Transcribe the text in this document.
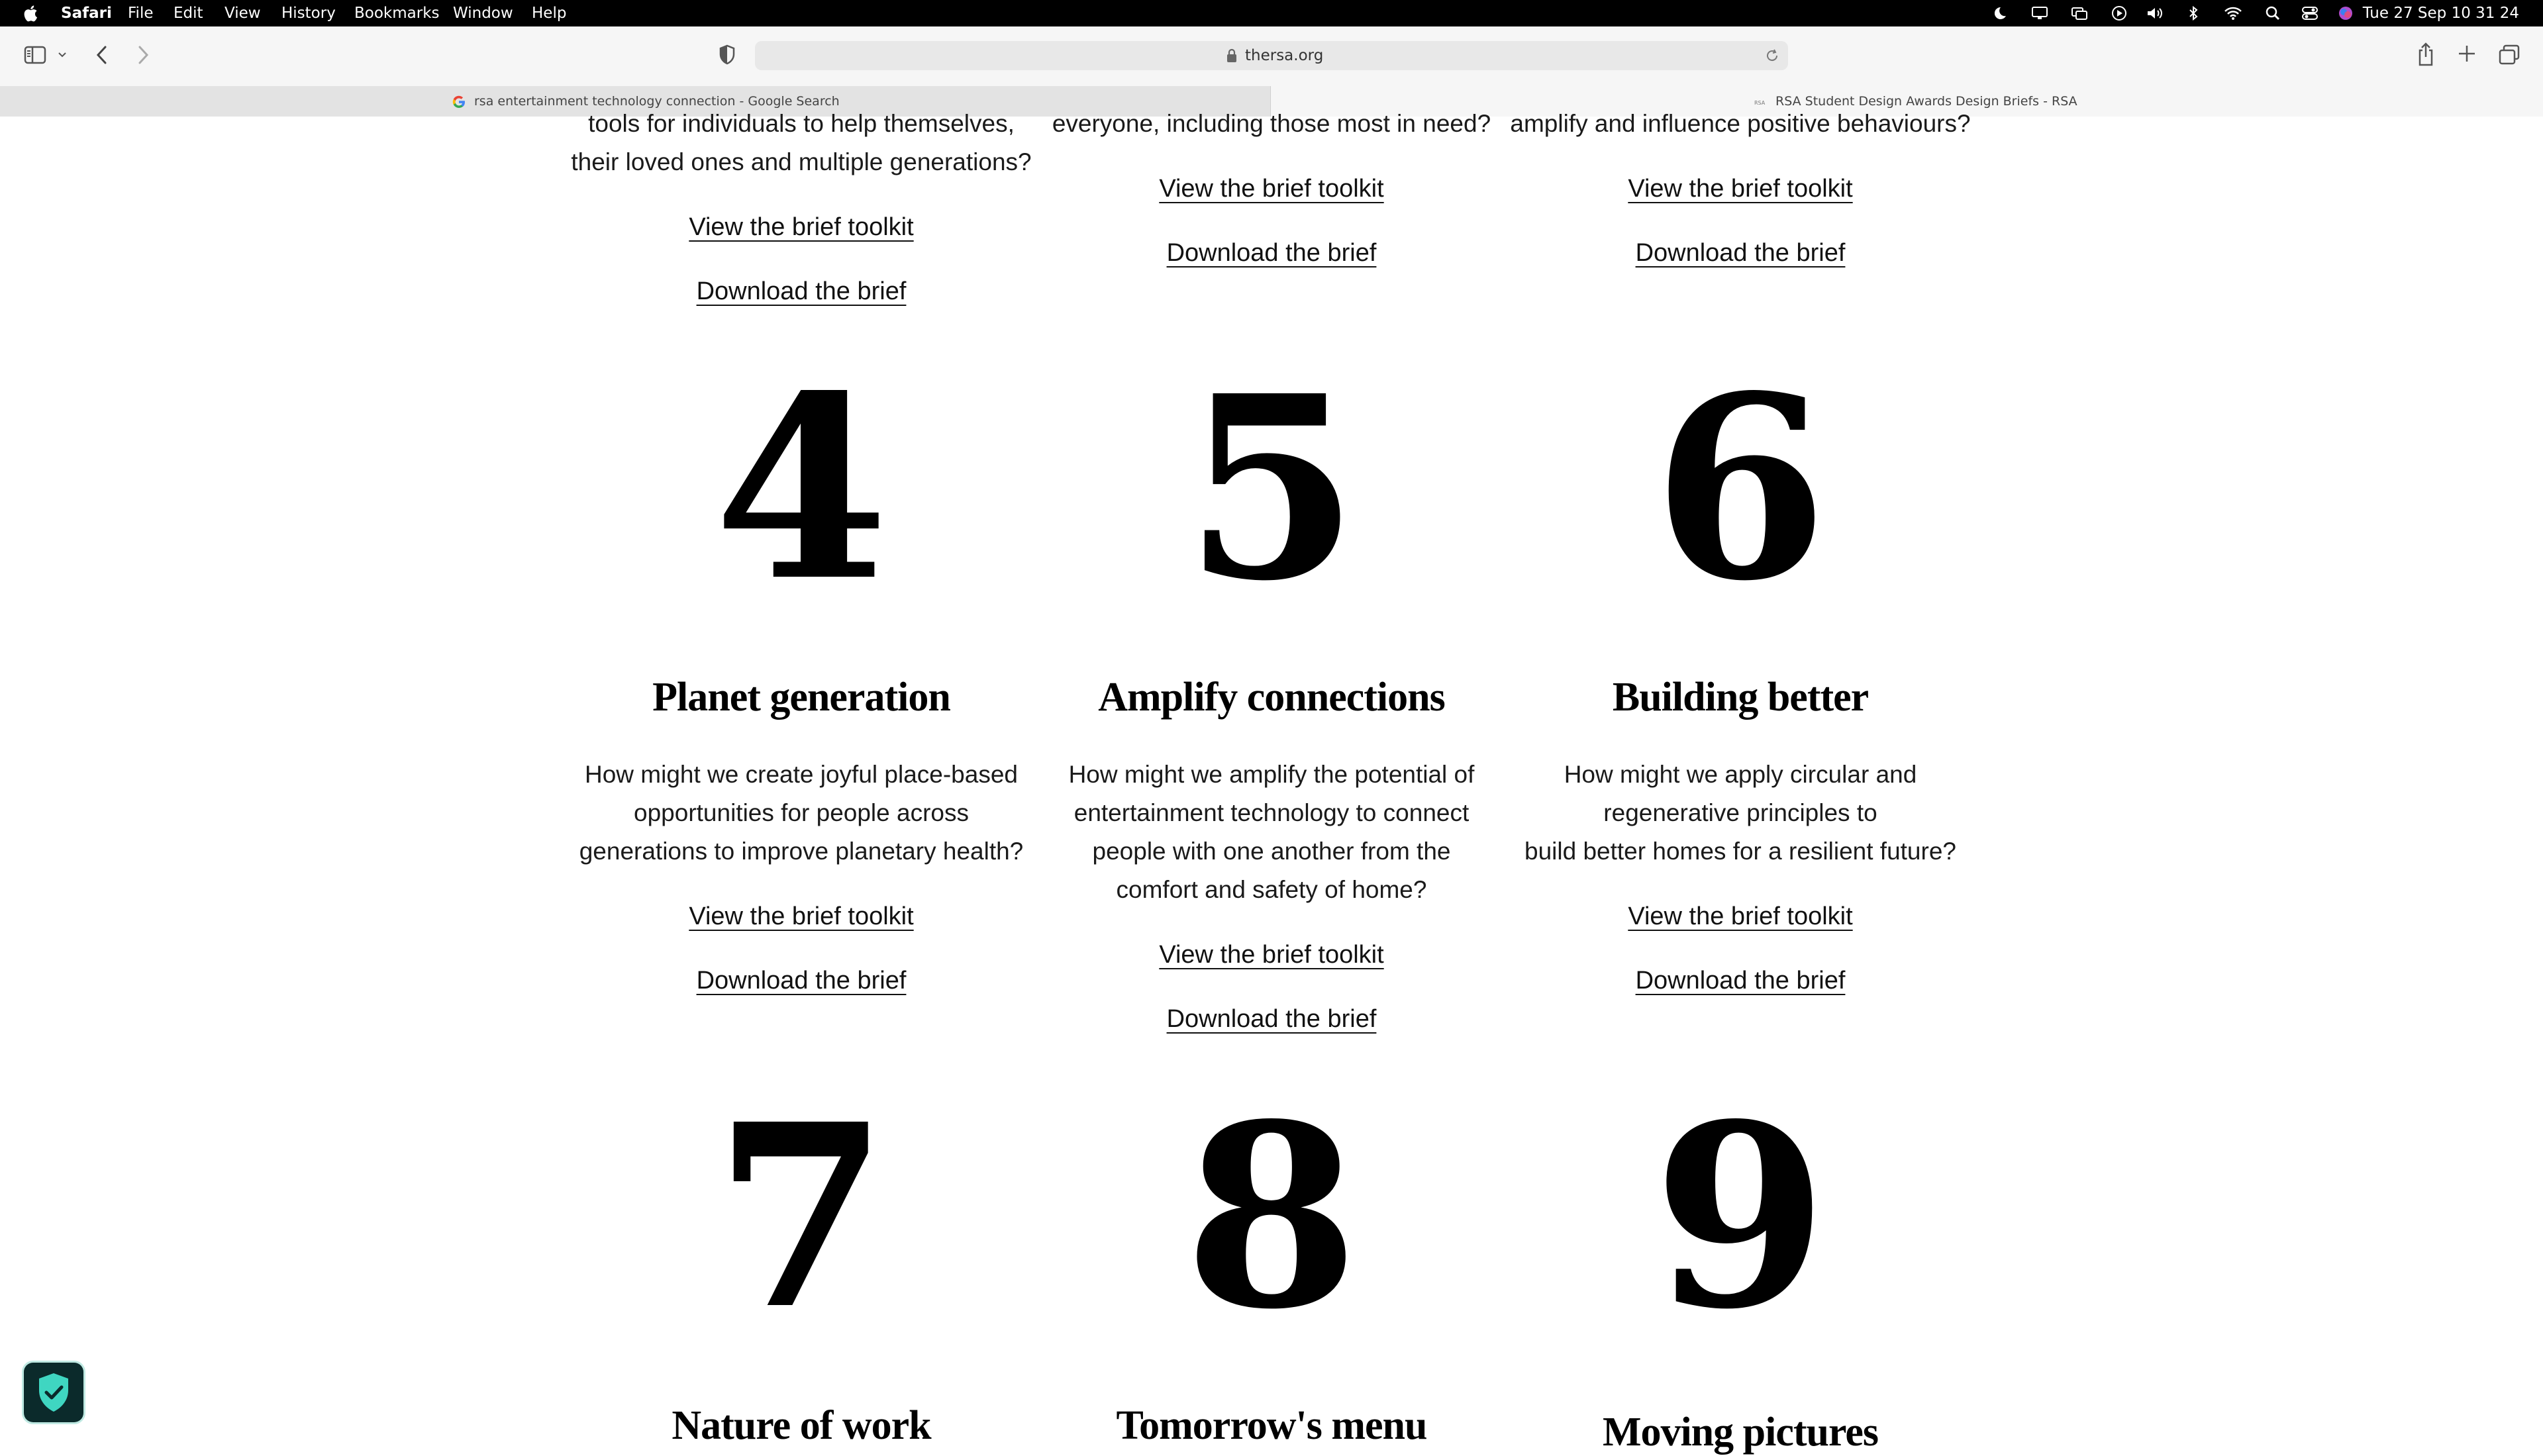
Safari File Edit View History Bookmarks Window Help	Tue 27 Sep 10 31 24
thersa.org
rsa entertainment technology connection - Google Search	RSA RSA Student Design Awards Design Briefs - RSA
tools for individuals to help themselves,
their loved ones and multiple generations?
View the brief toolkit
Download the brief
everyone, including those most in need?
View the brief toolkit
Download the brief
amplify and influence positive behaviours?
View the brief toolkit
Download the brief
4	5	6
Planet generation	Amplify connections	Building better
How might we create joyful place-based
opportunities for people across
generations to improve planetary health?
View the brief toolkit
Download the brief
How might we amplify the potential of
entertainment technology to connect
people with one another from the
comfort and safety of home?
View the brief toolkit
Download the brief
How might we apply circular and
regenerative principles to
build better homes for a resilient future?
View the brief toolkit
Download the brief
7	8	9
Nature of work	Tomorrow's menu	Moving pictures
